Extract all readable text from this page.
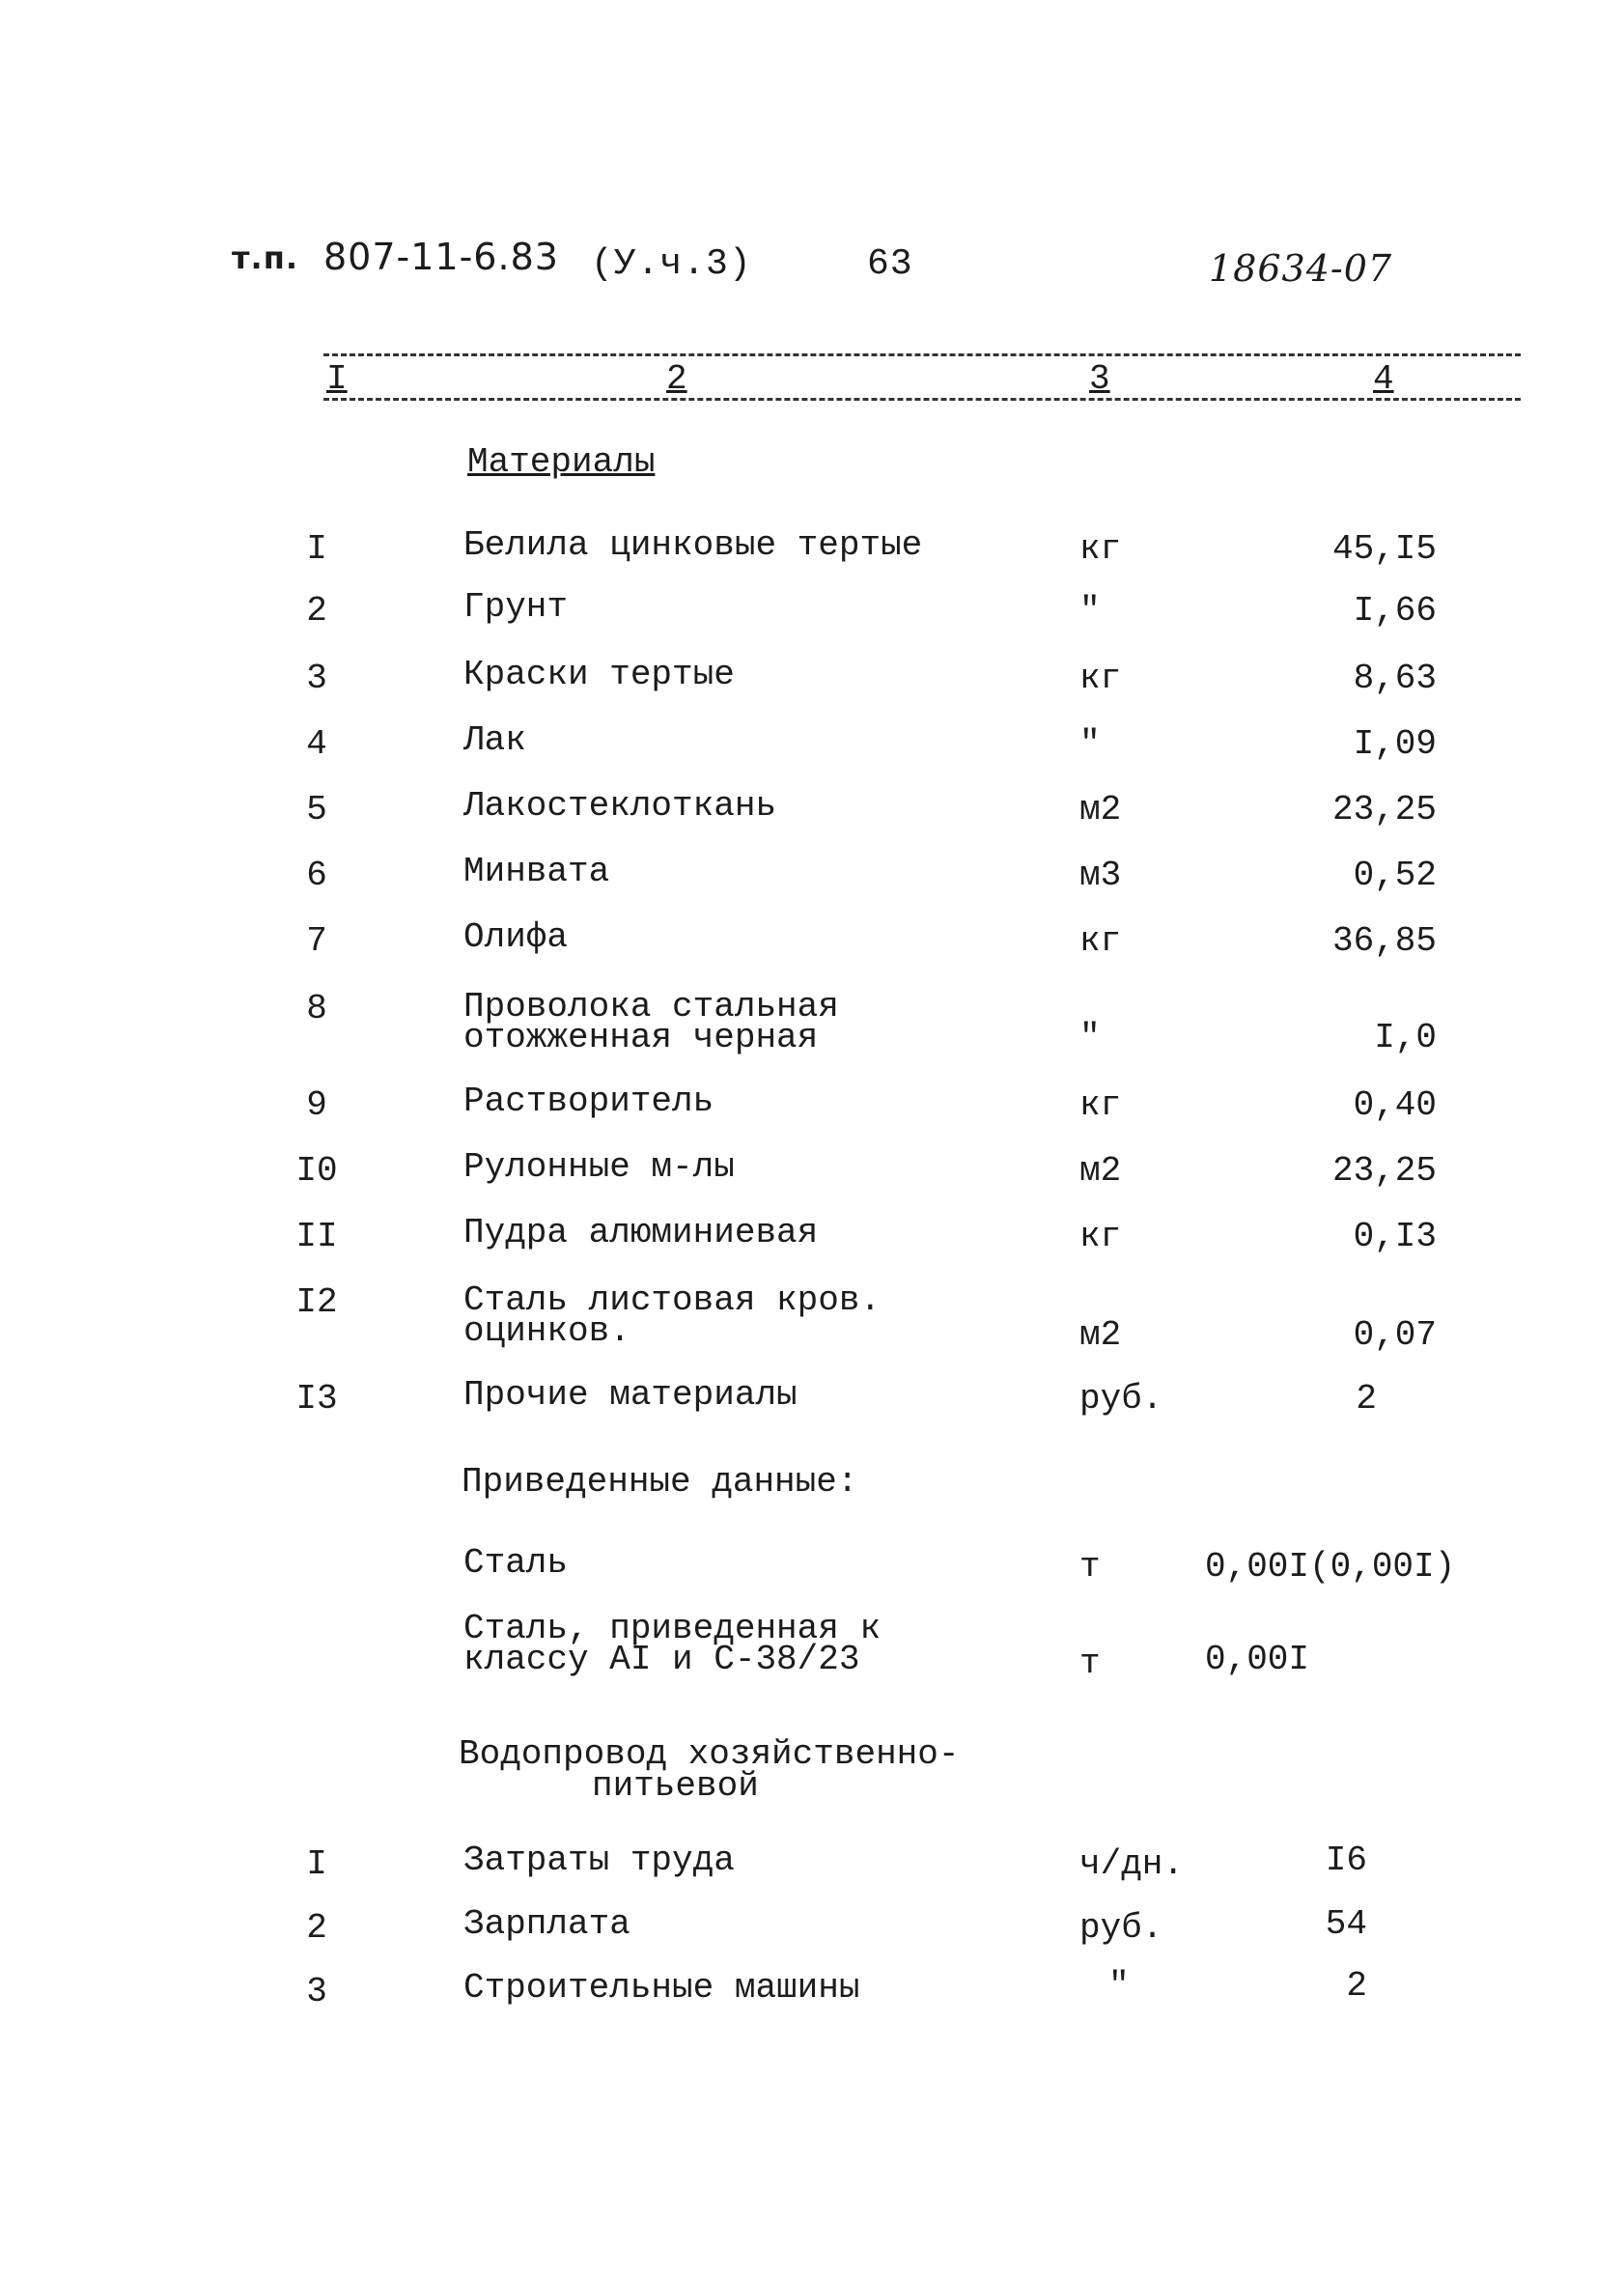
т.п. 807-11-6.83 (У.ч.3)	63	18634-07
I	2	3	4
Материалы
I	Белила цинковые тертые	кг	45,I5
2	Грунт	"	I,66
3	Краски тертые	кг	8,63
4	Лак	"	I,09
5	Лакостеклоткань	м2	23,25
6	Минвата	м3	0,52
7	Олифа	кг	36,85
8	Проволока стальная
отожженная черная	"	I,0
9	Растворитель	кг	0,40
I0	Рулонные м-лы	м2	23,25
II	Пудра алюминиевая	кг	0,I3
I2	Сталь листовая кров.
оцинков.	м2	0,07
I3	Прочие материалы	руб.	2
Приведенные данные:
Сталь	т	0,00I(0,00I)
Сталь, приведенная к
классу АI и С-38/23	т	0,00I
Водопровод хозяйственно-
питьевой
I	Затраты труда	ч/дн.	I6
2	Зарплата	руб.	54
3	Строительные машины	"	2
